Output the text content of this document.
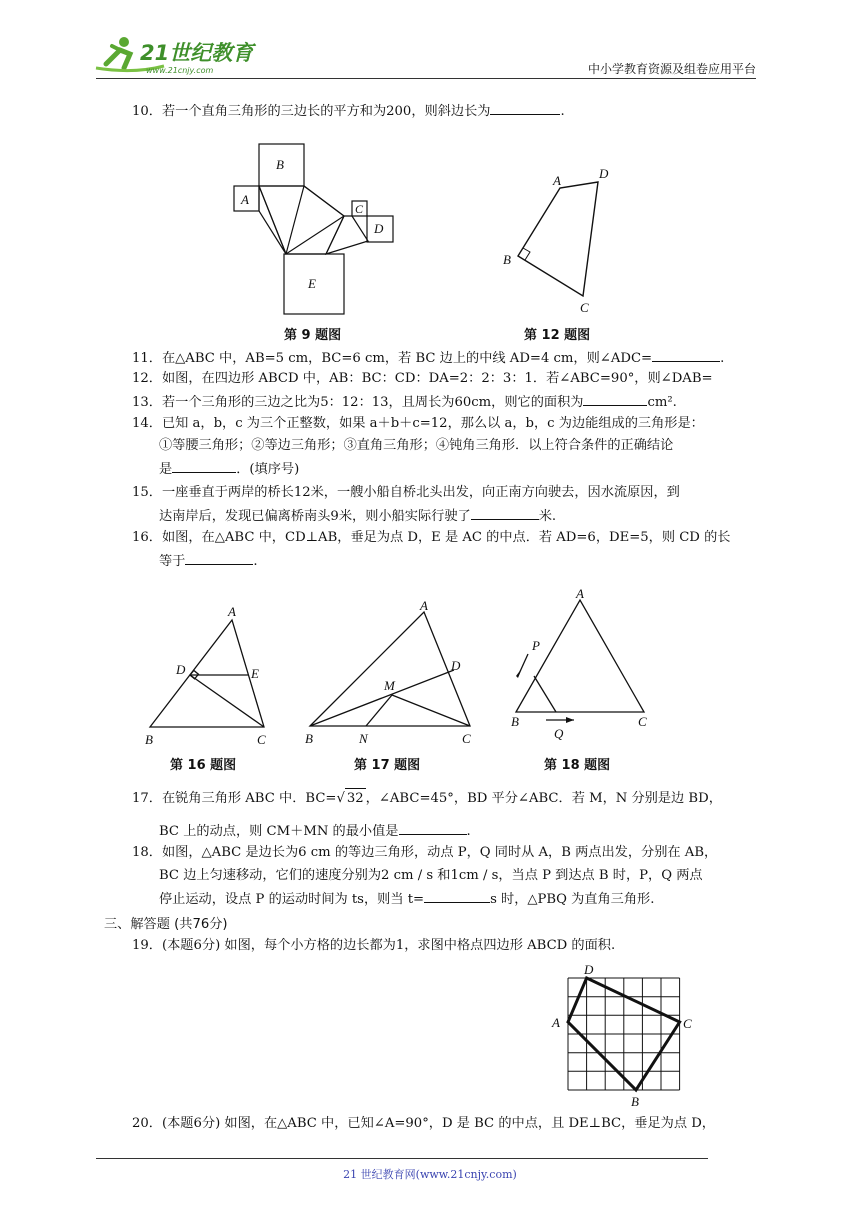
21世纪教育
www.21cnjy.com	中小学教育资源及组卷应用平台
10．若一个直角三角形的三边长的平方和为200，则斜边长为	.
B
A
C
D
E
第 9 题图
A	D
B
C
第 12 题图
11．在△ABC 中，AB=5 cm，BC=6 cm，若 BC 边上的中线 AD=4 cm，则∠ADC=	.
12．如图，在四边形 ABCD 中，AB：BC：CD：DA=2：2：3：1．若∠ABC=90°，则∠DAB=
13．若一个三角形的三边之比为5：12：13，且周长为60cm，则它的面积为	cm².
14．已知 a，b，c 为三个正整数，如果 a＋b＋c=12，那么以 a，b，c 为边能组成的三角形是：
①等腰三角形；②等边三角形；③直角三角形；④钝角三角形．以上符合条件的正确结论
是	．(填序号)
15．一座垂直于两岸的桥长12米，一艘小船自桥北头出发，向正南方向驶去，因水流原因，到
达南岸后，发现已偏离桥南头9米，则小船实际行驶了	米.
16．如图，在△ABC 中，CD⊥AB，垂足为点 D，E 是 AC 的中点．若 AD=6，DE=5，则 CD 的长
等于	.
A
D	E
B	C
第 16 题图
A
D
M
B	N	C
第 17 题图
A
P
B	C
Q
第 18 题图
17．在锐角三角形 ABC 中．BC=√ 32 ，∠ABC=45°，BD 平分∠ABC．若 M，N 分别是边 BD，
BC 上的动点，则 CM＋MN 的最小值是	.
18．如图，△ABC 是边长为6 cm 的等边三角形，动点 P，Q 同时从 A，B 两点出发，分别在 AB，
BC 边上匀速移动，它们的速度分别为2 cm / s 和1cm / s，当点 P 到达点 B 时，P，Q 两点
停止运动，设点 P 的运动时间为 ts，则当 t=	s 时，△PBQ 为直角三角形.
三、解答题 (共76分)
19．(本题6分) 如图，每个小方格的边长都为1，求图中格点四边形 ABCD 的面积.
D
A	C
B
20．(本题6分) 如图，在△ABC 中，已知∠A=90°，D 是 BC 的中点，且 DE⊥BC，垂足为点 D，
21 世纪教育网(www.21cnjy.com)
